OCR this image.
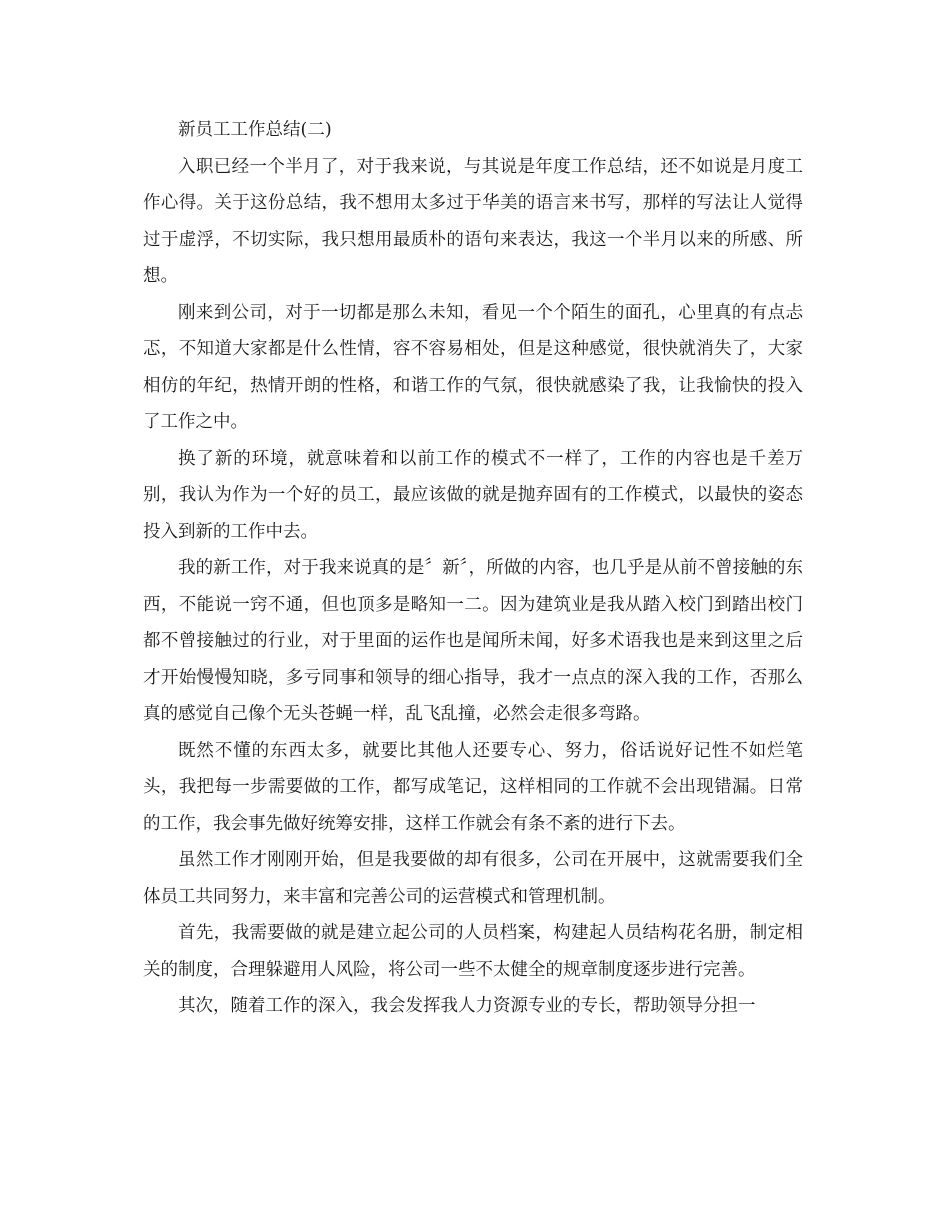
新员工工作总结(二)

入职已经一个半月了，对于我来说，与其说是年度工作总结，还不如说是月度工作心得。关于这份总结，我不想用太多过于华美的语言来书写，那样的写法让人觉得过于虚浮，不切实际，我只想用最质朴的语句来表达，我这一个半月以来的所感、所想。

刚来到公司，对于一切都是那么未知，看见一个个陌生的面孔，心里真的有点忐忑，不知道大家都是什么性情，容不容易相处，但是这种感觉，很快就消失了，大家相仿的年纪，热情开朗的性格，和谐工作的气氛，很快就感染了我，让我愉快的投入了工作之中。

换了新的环境，就意味着和以前工作的模式不一样了，工作的内容也是千差万别，我认为作为一个好的员工，最应该做的就是抛弃固有的工作模式，以最快的姿态投入到新的工作中去。

我的新工作，对于我来说真的是〞新〞，所做的内容，也几乎是从前不曾接触的东西，不能说一窍不通，但也顶多是略知一二。因为建筑业是我从踏入校门到踏出校门都不曾接触过的行业，对于里面的运作也是闻所未闻，好多术语我也是来到这里之后才开始慢慢知晓，多亏同事和领导的细心指导，我才一点点的深入我的工作，否那么真的感觉自己像个无头苍蝇一样，乱飞乱撞，必然会走很多弯路。

既然不懂的东西太多，就要比其他人还要专心、努力，俗话说好记性不如烂笔头，我把每一步需要做的工作，都写成笔记，这样相同的工作就不会出现错漏。日常的工作，我会事先做好统筹安排，这样工作就会有条不紊的进行下去。

虽然工作才刚刚开始，但是我要做的却有很多，公司在开展中，这就需要我们全体员工共同努力，来丰富和完善公司的运营模式和管理机制。

首先，我需要做的就是建立起公司的人员档案，构建起人员结构花名册，制定相关的制度，合理躲避用人风险，将公司一些不太健全的规章制度逐步进行完善。

其次，随着工作的深入，我会发挥我人力资源专业的专长，帮助领导分担一
